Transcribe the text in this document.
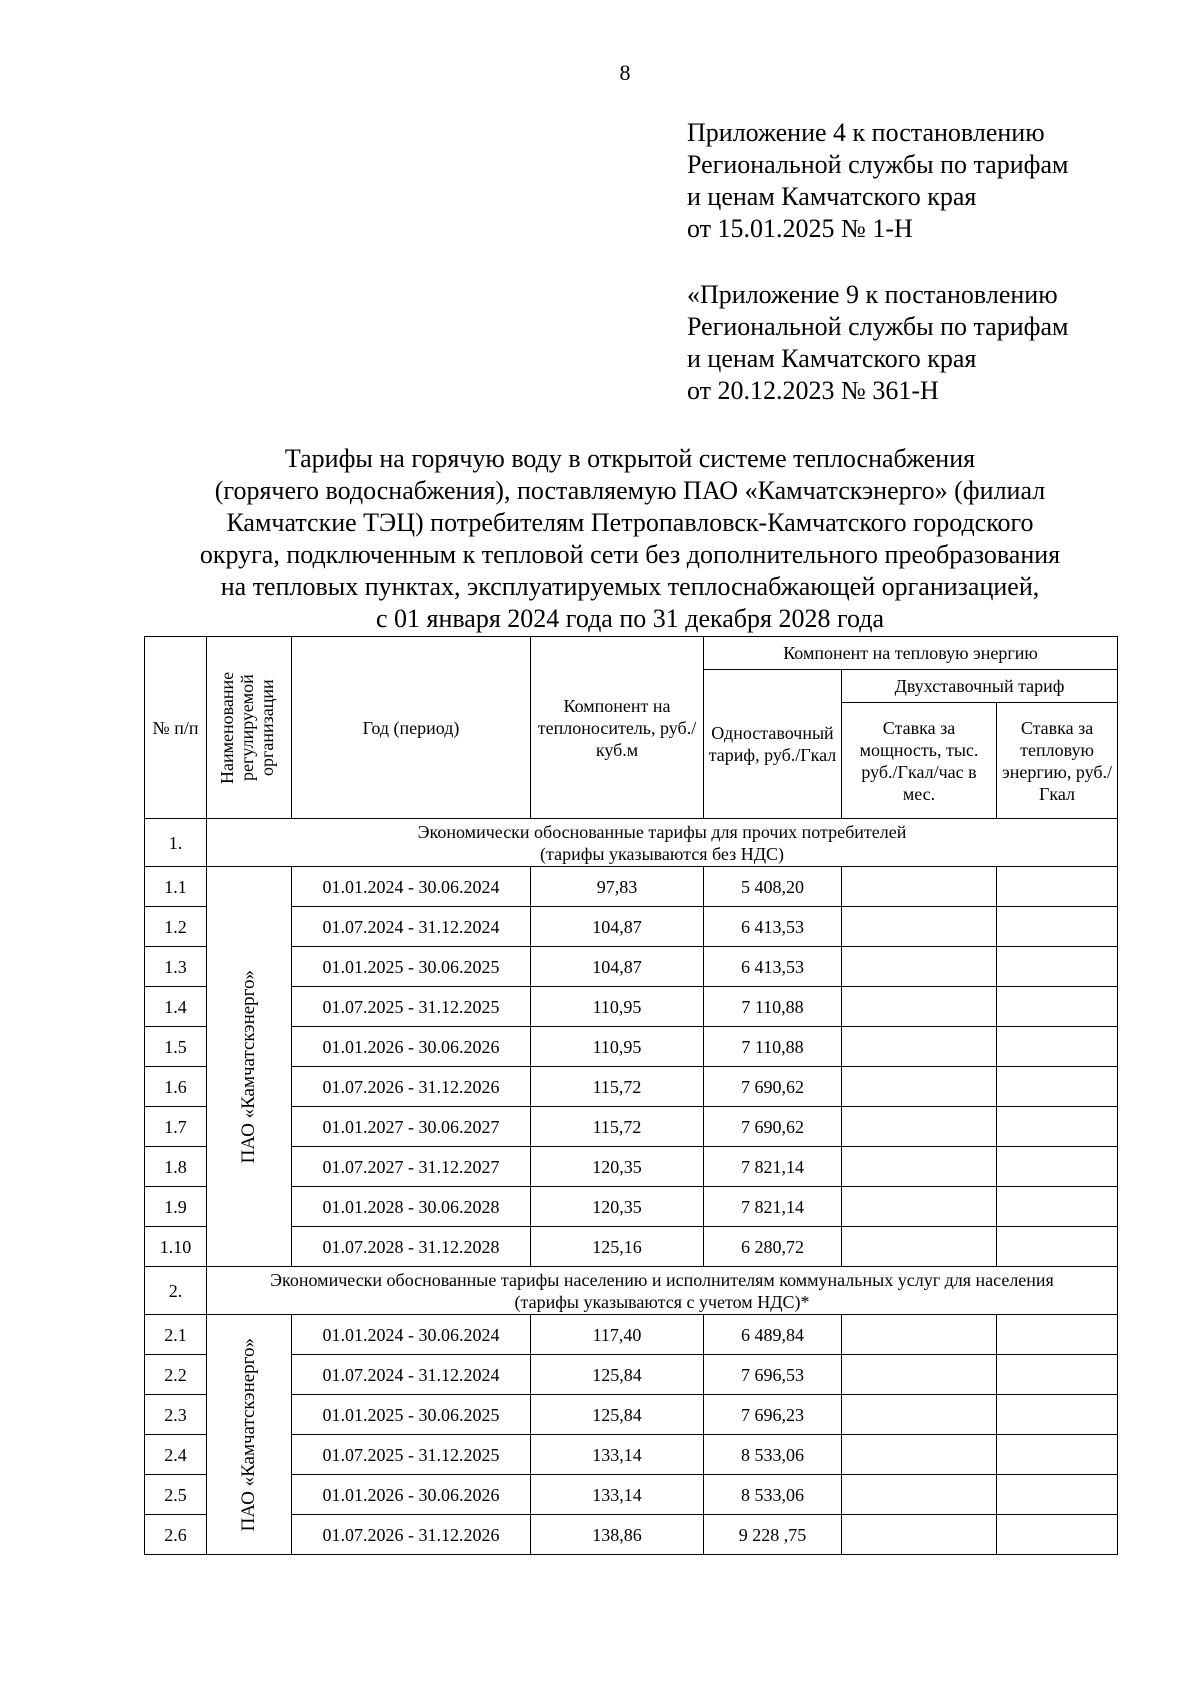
8
Приложение 4 к постановлению
Региональной службы по тарифам
и ценам Камчатского края
от 15.01.2025 № 1-Н
«Приложение 9 к постановлению
Региональной службы по тарифам
и ценам Камчатского края
от 20.12.2023 № 361-Н
Тарифы на горячую воду в открытой системе теплоснабжения
(горячего водоснабжения), поставляемую ПАО «Камчатскэнерго» (филиал
Камчатские ТЭЦ) потребителям Петропавловск-Камчатского городского
округа, подключенным к тепловой сети без дополнительного преобразования
на тепловых пунктах, эксплуатируемых теплоснабжающей организацией,
с 01 января 2024 года по 31 декабря 2028 года
№ п/п	Наименование регулируемой организации	Год (период)	Компонент на теплоноситель, руб./куб.м	Компонент на тепловую энергию		
				Одноставочный тариф, руб./Гкал	Двухставочный тариф	
					Ставка за мощность, тыс. руб./Гкал/час в мес.	Ставка за тепловую энергию, руб./Гкал
1.	Экономически обоснованные тарифы для прочих потребителей
(тарифы указываются без НДС)					

1.1	ПАО «Камчатскэнерго»	01.01.2024 - 30.06.2024	97,83	5 408,20		
1.2		01.07.2024 - 31.12.2024	104,87	6 413,53		
1.3		01.01.2025 - 30.06.2025	104,87	6 413,53		
1.4		01.07.2025 - 31.12.2025	110,95	7 110,88		
1.5		01.01.2026 - 30.06.2026	110,95	7 110,88		
1.6		01.07.2026 - 31.12.2026	115,72	7 690,62		
1.7		01.01.2027 - 30.06.2027	115,72	7 690,62		
1.8		01.07.2027 - 31.12.2027	120,35	7 821,14		
1.9		01.01.2028 - 30.06.2028	120,35	7 821,14		
1.10		01.07.2028 - 31.12.2028	125,16	6 280,72		
2.	Экономически обоснованные тарифы населению и исполнителям коммунальных услуг для населения
(тарифы указываются с учетом НДС)*					

2.1	ПАО «Камчатскэнерго»	01.01.2024 - 30.06.2024	117,40	6 489,84		
2.2		01.07.2024 - 31.12.2024	125,84	7 696,53		
2.3		01.01.2025 - 30.06.2025	125,84	7 696,23		
2.4		01.07.2025 - 31.12.2025	133,14	8 533,06		
2.5		01.01.2026 - 30.06.2026	133,14	8 533,06		
2.6		01.07.2026 - 31.12.2026	138,86	9 228 ,75		
